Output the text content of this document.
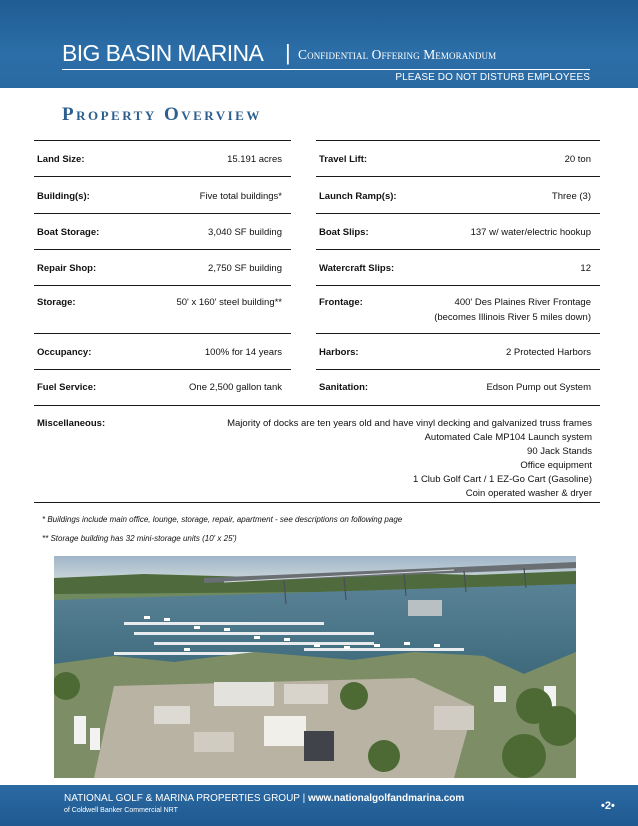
BIG BASIN MARINA | Confidential Offering Memorandum
PLEASE DO NOT DISTURB EMPLOYEES
Property Overview
Land Size:	15.191 acres
Building(s):	Five total buildings*
Boat Storage:	3,040 SF building
Repair Shop:	2,750 SF building
Storage:	50' x 160' steel building**
Occupancy:	100% for 14 years
Fuel Service:	One 2,500 gallon tank
Travel Lift:	20 ton
Launch Ramp(s):	Three (3)
Boat Slips:	137 w/ water/electric hookup
Watercraft Slips:	12
Frontage:	400' Des Plaines River Frontage
(becomes Illinois River 5 miles down)
Harbors:	2 Protected Harbors
Sanitation:	Edson Pump out System
Miscellaneous:	Majority of docks are ten years old and have vinyl decking and galvanized truss frames
Automated Cale MP104 Launch system
90 Jack Stands
Office equipment
1 Club Golf Cart / 1 EZ-Go Cart (Gasoline)
Coin operated washer & dryer
* Buildings include main office, lounge, storage, repair, apartment - see descriptions on following page
** Storage building has 32 mini-storage units (10' x 25')
NATIONAL GOLF & MARINA PROPERTIES GROUP | www.nationalgolfandmarina.com
of Coldwell Banker Commercial NRT	•2•
